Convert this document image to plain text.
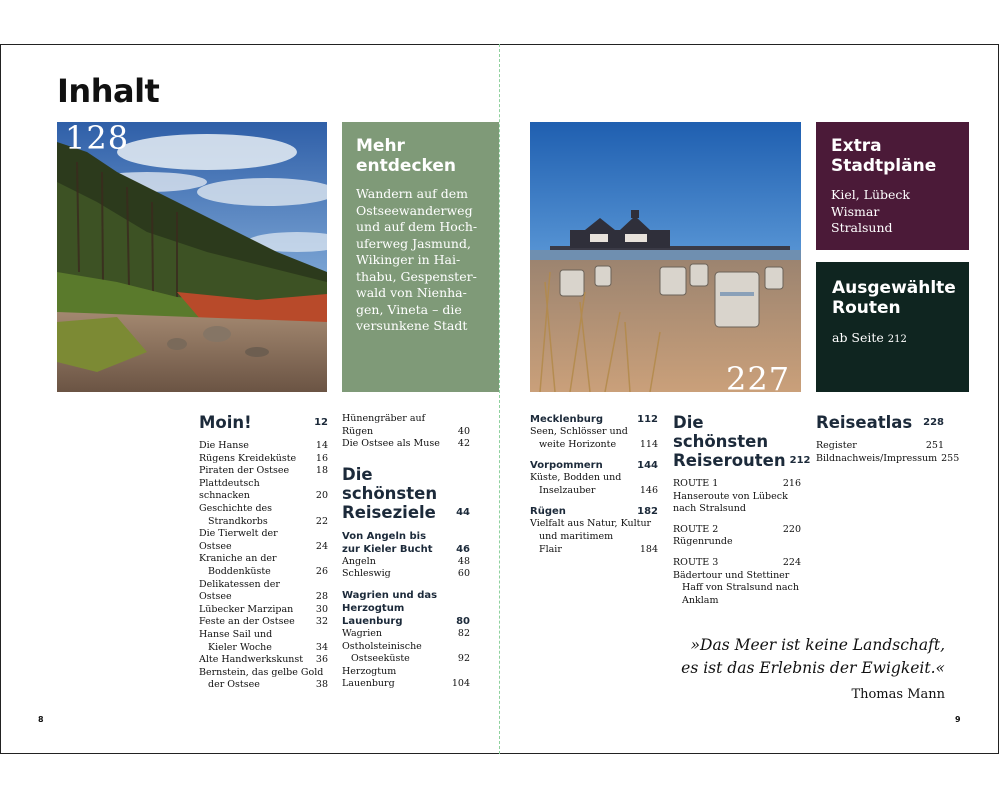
Inhalt
128	Mehr
entdecken

Wandern auf dem

Ostseewanderweg

und auf dem Hoch-

uferweg Jasmund,

Wikinger in Hai-

thabu, Gespenster-

wald von Nienha-

gen, Vineta – die

versunkene Stadt

227
Extra
Stadtpläne

Kiel, Lübeck

Wismar

Stralsund

Ausgewählte
Routen

ab Seite 212

Moin!	12
Die Hanse	14
Rügens Kreideküste	16
Piraten der Ostsee	18
Plattdeutsch schnacken	20
Geschichte des
Strandkorbs	22
Die Tierwelt der Ostsee	24
Kraniche an der
Boddenküste	26
Delikatessen der Ostsee	28
Lübecker Marzipan	30
Feste an der Ostsee	32
Hanse Sail und
Kieler Woche	34
Alte Handwerkskunst	36
Bernstein, das gelbe Gold
der Ostsee	38
Hünengräber auf Rügen	40
Die Ostsee als Muse	42
Die schönsten
Reiseziele	44
Von Angeln bis
zur Kieler Bucht	46
Angeln	48
Schleswig	60
Wagrien und das
Herzogtum Lauenburg	80
Wagrien	82
Ostholsteinische
Ostseeküste	92
Herzogtum Lauenburg	104
Mecklenburg	112
Seen, Schlösser und
weite Horizonte	114
Vorpommern	144
Küste, Bodden und
Inselzauber	146
Rügen	182
Vielfalt aus Natur, Kultur
und maritimem Flair	184
Die schönsten
Reiserouten 212
ROUTE 1	216
Hanseroute von Lübeck
nach Stralsund
ROUTE 2	220
Rügenrunde
ROUTE 3	224
Bädertour und Stettiner
Haff von Stralsund nach
Anklam
Reiseatlas	228
Register	251
Bildnachweis/Impressum 255
»Das Meer ist keine Landschaft,
es ist das Erlebnis der Ewigkeit.«
Thomas Mann
8	9
